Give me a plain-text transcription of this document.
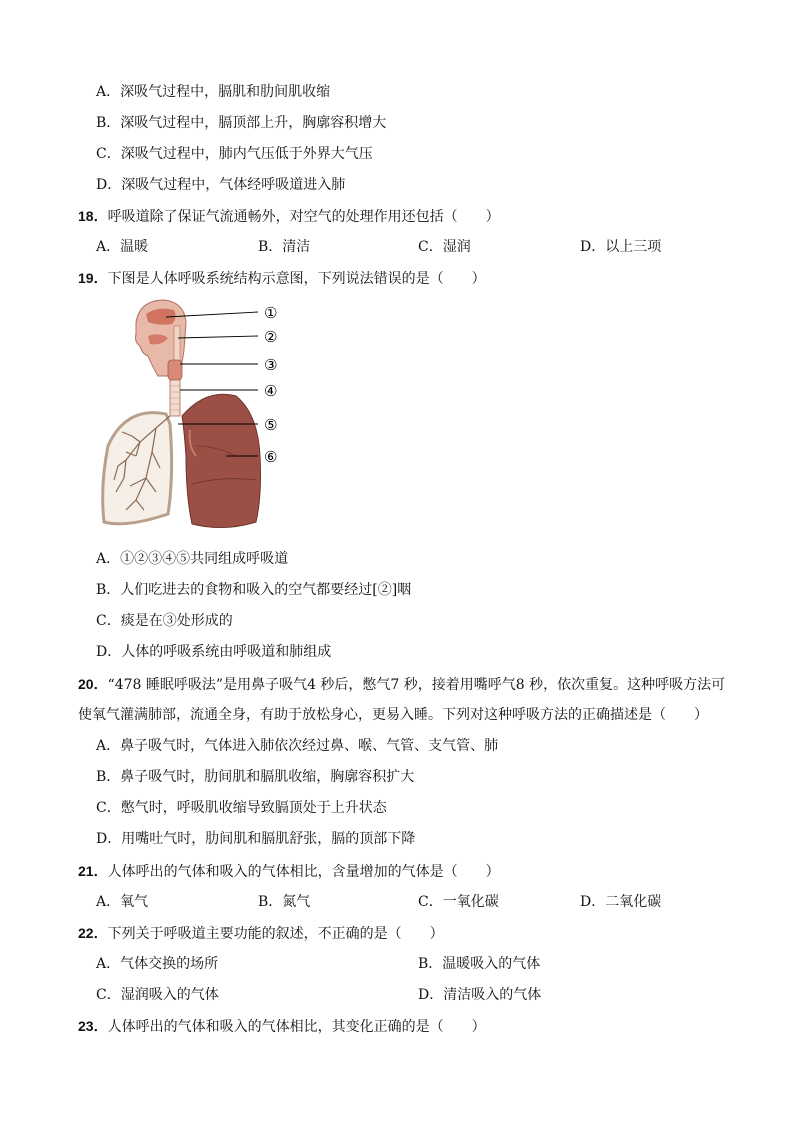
A．深吸气过程中，膈肌和肋间肌收缩
B．深吸气过程中，膈顶部上升，胸廓容积增大
C．深吸气过程中，肺内气压低于外界大气压
D．深吸气过程中，气体经呼吸道进入肺
18．呼吸道除了保证气流通畅外，对空气的处理作用还包括（　　）
A．温暖	B．清洁	C．湿润	D．以上三项
19．下图是人体呼吸系统结构示意图，下列说法错误的是（　　）
①
②
③
④
⑤
⑥
A．①②③④⑤共同组成呼吸道
B．人们吃进去的食物和吸入的空气都要经过[②]咽
C．痰是在③处形成的
D．人体的呼吸系统由呼吸道和肺组成
20．“478 睡眠呼吸法”是用鼻子吸气4 秒后，憋气7 秒，接着用嘴呼气8 秒，依次重复。这种呼吸方法可
使氧气灌满肺部，流通全身，有助于放松身心，更易入睡。下列对这种呼吸方法的正确描述是（　　）
A．鼻子吸气时，气体进入肺依次经过鼻、喉、气管、支气管、肺
B．鼻子吸气时，肋间肌和膈肌收缩，胸廓容积扩大
C．憋气时，呼吸肌收缩导致膈顶处于上升状态
D．用嘴吐气时，肋间肌和膈肌舒张，膈的顶部下降
21．人体呼出的气体和吸入的气体相比，含量增加的气体是（　　）
A．氧气	B．氮气	C．一氧化碳	D．二氧化碳
22．下列关于呼吸道主要功能的叙述，不正确的是（　　）
A．气体交换的场所	B．温暖吸入的气体
C．湿润吸入的气体	D．清洁吸入的气体
23．人体呼出的气体和吸入的气体相比，其变化正确的是（　　）
